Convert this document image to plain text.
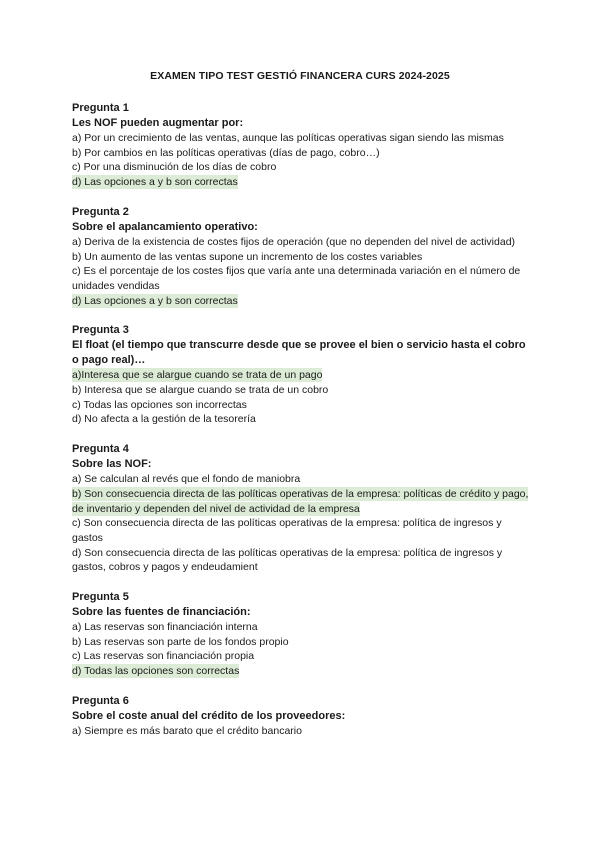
EXAMEN TIPO TEST GESTIÓ FINANCERA CURS 2024-2025
Pregunta 1
Les NOF pueden augmentar por:
a) Por un crecimiento de las ventas, aunque las políticas operativas sigan siendo las mismas
b) Por cambios en las políticas operativas (días de pago, cobro…)
c) Por una disminución de los días de cobro
d) Las opciones a y b son correctas
Pregunta 2
Sobre el apalancamiento operativo:
a) Deriva de la existencia de costes fijos de operación (que no dependen del nivel de actividad)
b) Un aumento de las ventas supone un incremento de los costes variables
c) Es el porcentaje de los costes fijos que varía ante una determinada variación en el número de unidades vendidas
d) Las opciones a y b son correctas
Pregunta 3
El float (el tiempo que transcurre desde que se provee el bien o servicio hasta el cobro o pago real)…
a)Interesa que se alargue cuando se trata de un pago
b) Interesa que se alargue cuando se trata de un cobro
c) Todas las opciones son incorrectas
d) No afecta a la gestión de la tesorería
Pregunta 4
Sobre las NOF:
a) Se calculan al revés que el fondo de maniobra
b) Son consecuencia directa de las políticas operativas de la empresa: políticas de crédito y pago, de inventario y dependen del nivel de actividad de la empresa
c) Son consecuencia directa de las políticas operativas de la empresa: política de ingresos y gastos
d) Son consecuencia directa de las políticas operativas de la empresa: política de ingresos y gastos, cobros y pagos y endeudamient
Pregunta 5
Sobre las fuentes de financiación:
a) Las reservas son financiación interna
b) Las reservas son parte de los fondos propio
c) Las reservas son financiación propia
d) Todas las opciones son correctas
Pregunta 6
Sobre el coste anual del crédito de los proveedores:
a) Siempre es más barato que el crédito bancario
